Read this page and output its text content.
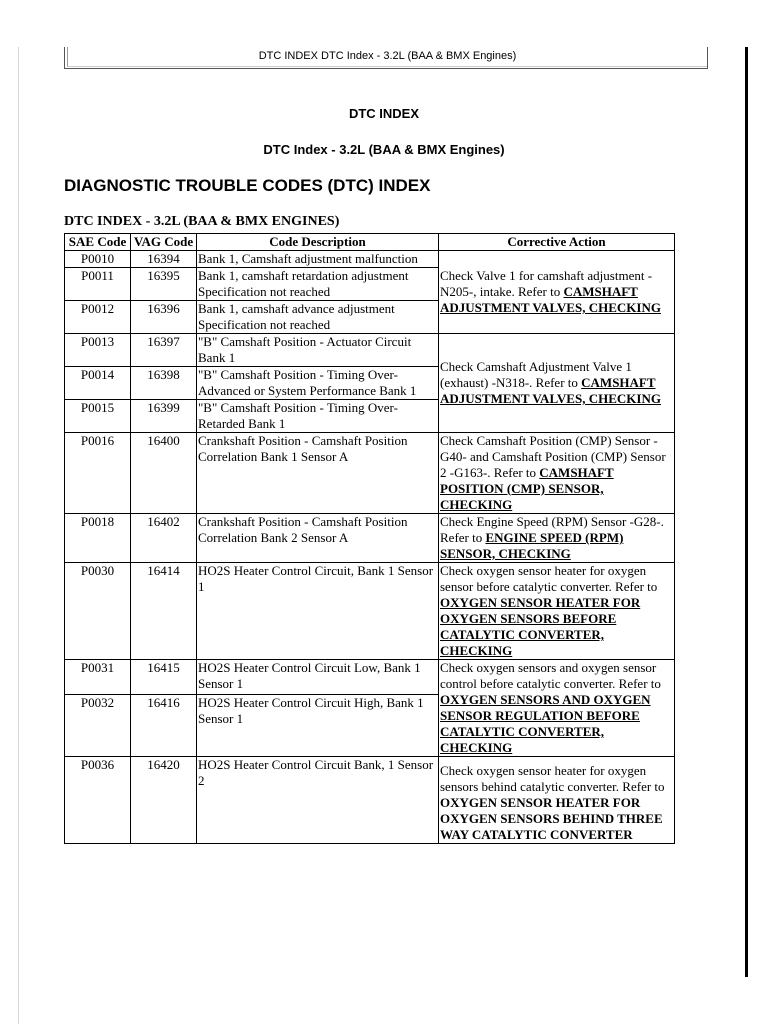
DTC INDEX DTC Index - 3.2L (BAA & BMX Engines)
DTC INDEX
DTC Index - 3.2L (BAA & BMX Engines)
DIAGNOSTIC TROUBLE CODES (DTC) INDEX
DTC INDEX - 3.2L (BAA & BMX ENGINES)
SAE Code	VAG Code	Code Description	Corrective Action
P0010	16394	Bank 1, Camshaft adjustment malfunction	Check Valve 1 for camshaft adjustment -N205-, intake. Refer to CAMSHAFT ADJUSTMENT VALVES, CHECKING
P0011	16395	Bank 1, camshaft retardation adjustment Specification not reached	
P0012	16396	Bank 1, camshaft advance adjustment Specification not reached	
P0013	16397	"B" Camshaft Position - Actuator Circuit Bank 1	Check Camshaft Adjustment Valve 1 (exhaust) -N318-. Refer to CAMSHAFT ADJUSTMENT VALVES, CHECKING
P0014	16398	"B" Camshaft Position - Timing Over-Advanced or System Performance Bank 1	
P0015	16399	"B" Camshaft Position - Timing Over-Retarded Bank 1	
P0016	16400	Crankshaft Position - Camshaft Position Correlation Bank 1 Sensor A	Check Camshaft Position (CMP) Sensor -G40- and Camshaft Position (CMP) Sensor 2 -G163-. Refer to CAMSHAFT POSITION (CMP) SENSOR, CHECKING
P0018	16402	Crankshaft Position - Camshaft Position Correlation Bank 2 Sensor A	Check Engine Speed (RPM) Sensor -G28-. Refer to ENGINE SPEED (RPM) SENSOR, CHECKING
P0030	16414	HO2S Heater Control Circuit, Bank 1 Sensor 1	Check oxygen sensor heater for oxygen sensor before catalytic converter. Refer to OXYGEN SENSOR HEATER FOR OXYGEN SENSORS BEFORE CATALYTIC CONVERTER, CHECKING
P0031	16415	HO2S Heater Control Circuit Low, Bank 1 Sensor 1	Check oxygen sensors and oxygen sensor control before catalytic converter. Refer to OXYGEN SENSORS AND OXYGEN SENSOR REGULATION BEFORE CATALYTIC CONVERTER, CHECKING
P0032	16416	HO2S Heater Control Circuit High, Bank 1 Sensor 1	
P0036	16420	HO2S Heater Control Circuit Bank, 1 Sensor 2	Check oxygen sensor heater for oxygen sensors behind catalytic converter. Refer to OXYGEN SENSOR HEATER FOR OXYGEN SENSORS BEHIND THREE WAY CATALYTIC CONVERTER
